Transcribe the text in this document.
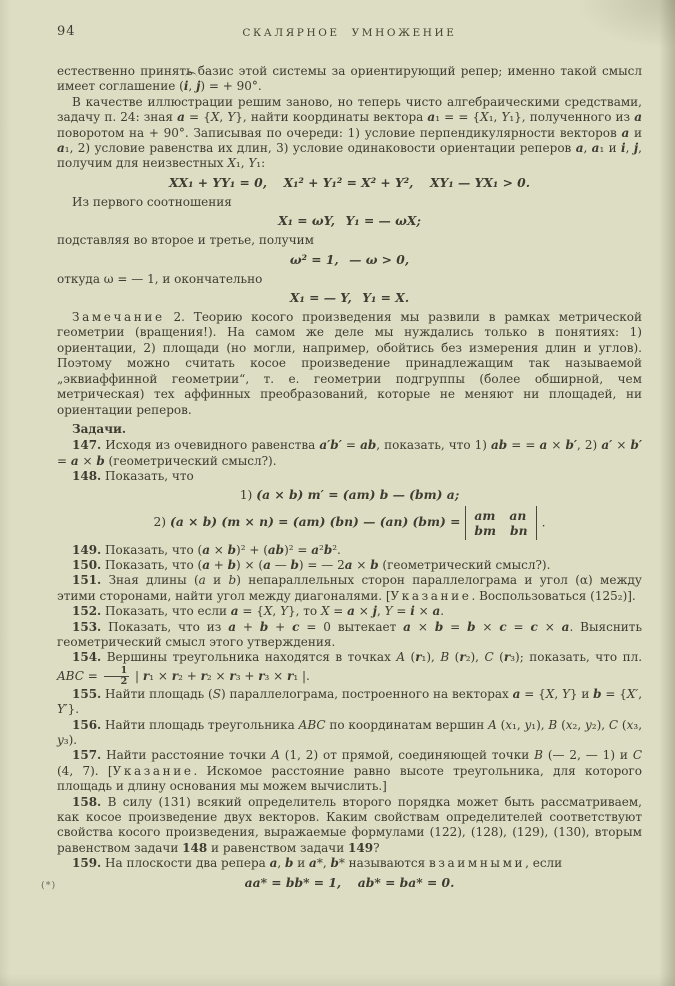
94	СКАЛЯРНОЕ УМНОЖЕНИЕ

естественно принять базис этой системы за ориентирующий репер; именно такой смысл имеет соглашение (
i, j) = + 90°.

В качестве иллюстрации решим заново, но теперь чисто алгебраическими средствами, задачу п. 24: зная a = {X, Y}, найти координаты вектора a₁ = = {X₁, Y₁}, полученного из a поворотом на + 90°. Записывая по очереди: 1) условие перпендикулярности векторов a и a₁, 2) условие равенства их длин, 3) условие одинаковости ориентации реперов a, a₁ и i, j, получим для неизвестных X₁, Y₁:

XX₁ + YY₁ = 0,  X₁² + Y₁² = X² + Y²,  XY₁ — YX₁ > 0.

Из первого соотношения

X₁ = ωY,  Y₁ = — ωX;

подставляя во второе и третье, получим

ω² = 1,  — ω > 0,

откуда ω = — 1, и окончательно

X₁ = — Y,  Y₁ = X.

Замечание 2. Теорию косого произведения мы развили в рамках метрической геометрии (вращения!). На самом же деле мы нуждались только в понятиях: 1) ориентации, 2) площади (но могли, например, обойтись без измерения длин и углов). Поэтому можно считать косое произведение принадлежащим так называемой „эквиаффинной геометрии“, т. е. геометрии подгруппы (более обширной, чем метрическая) тех аффинных преобразований, которые не меняют ни площадей, ни ориентации реперов.

Задачи.

147. Исходя из очевидного равенства a′b′ = ab, показать, что 1) ab = = a × b′, 2) a′ × b′ = a × b (геометрический смысл?).

148. Показать, что

1) (a × b) m′ = (am) b — (bm) a;
2) (a × b) (m × n) = (am) (bn) — (an) (bm) = am an
bm bn
.

149. Показать, что (a × b)² + (ab)² = a²b².

150. Показать, что (a + b) × (a — b) = — 2a × b (геометрический смысл?).

151. Зная длины (a и b) непараллельных сторон параллелограма и угол (α) между этими сторонами, найти угол между диагоналями. [Указание. Воспользоваться (125₂)].

152. Показать, что если a = {X, Y}, то X = a × j, Y = i × a.

153. Показать, что из a + b + c = 0 вытекает a × b = b × c = c × a. Выяснить геометрический смысл этого утверждения.

154. Вершины треугольника находятся в точках A (r₁), B (r₂), C (r₃); показать, что пл. ABC = $\frac{1}{2}$ | r₁ × r₂ + r₂ × r₃ + r₃ × r₁ |.

155. Найти площадь (S) параллелограма, построенного на векторах a = {X, Y} и b = {X′, Y′}.

156. Найти площадь треугольника ABC по координатам вершин A (x₁, y₁), B (x₂, y₂), C (x₃, y₃).

157. Найти расстояние точки A (1, 2) от прямой, соединяющей точки B (— 2, — 1) и C (4, 7). [Указание. Искомое расстояние равно высоте треугольника, для которого площадь и длину основания мы можем вычислить.]

158. В силу (131) всякий определитель второго порядка может быть рассматриваем, как косое произведение двух векторов. Каким свойствам определителей соответствуют свойства косого произведения, выражаемые формулами (122), (128), (129), (130), вторым равенством задачи 148 и равенством задачи 149?

159. На плоскости два репера a, b и a*, b* называются взаимными, если

(*)	aa* = bb* = 1,  ab* = ba* = 0.
